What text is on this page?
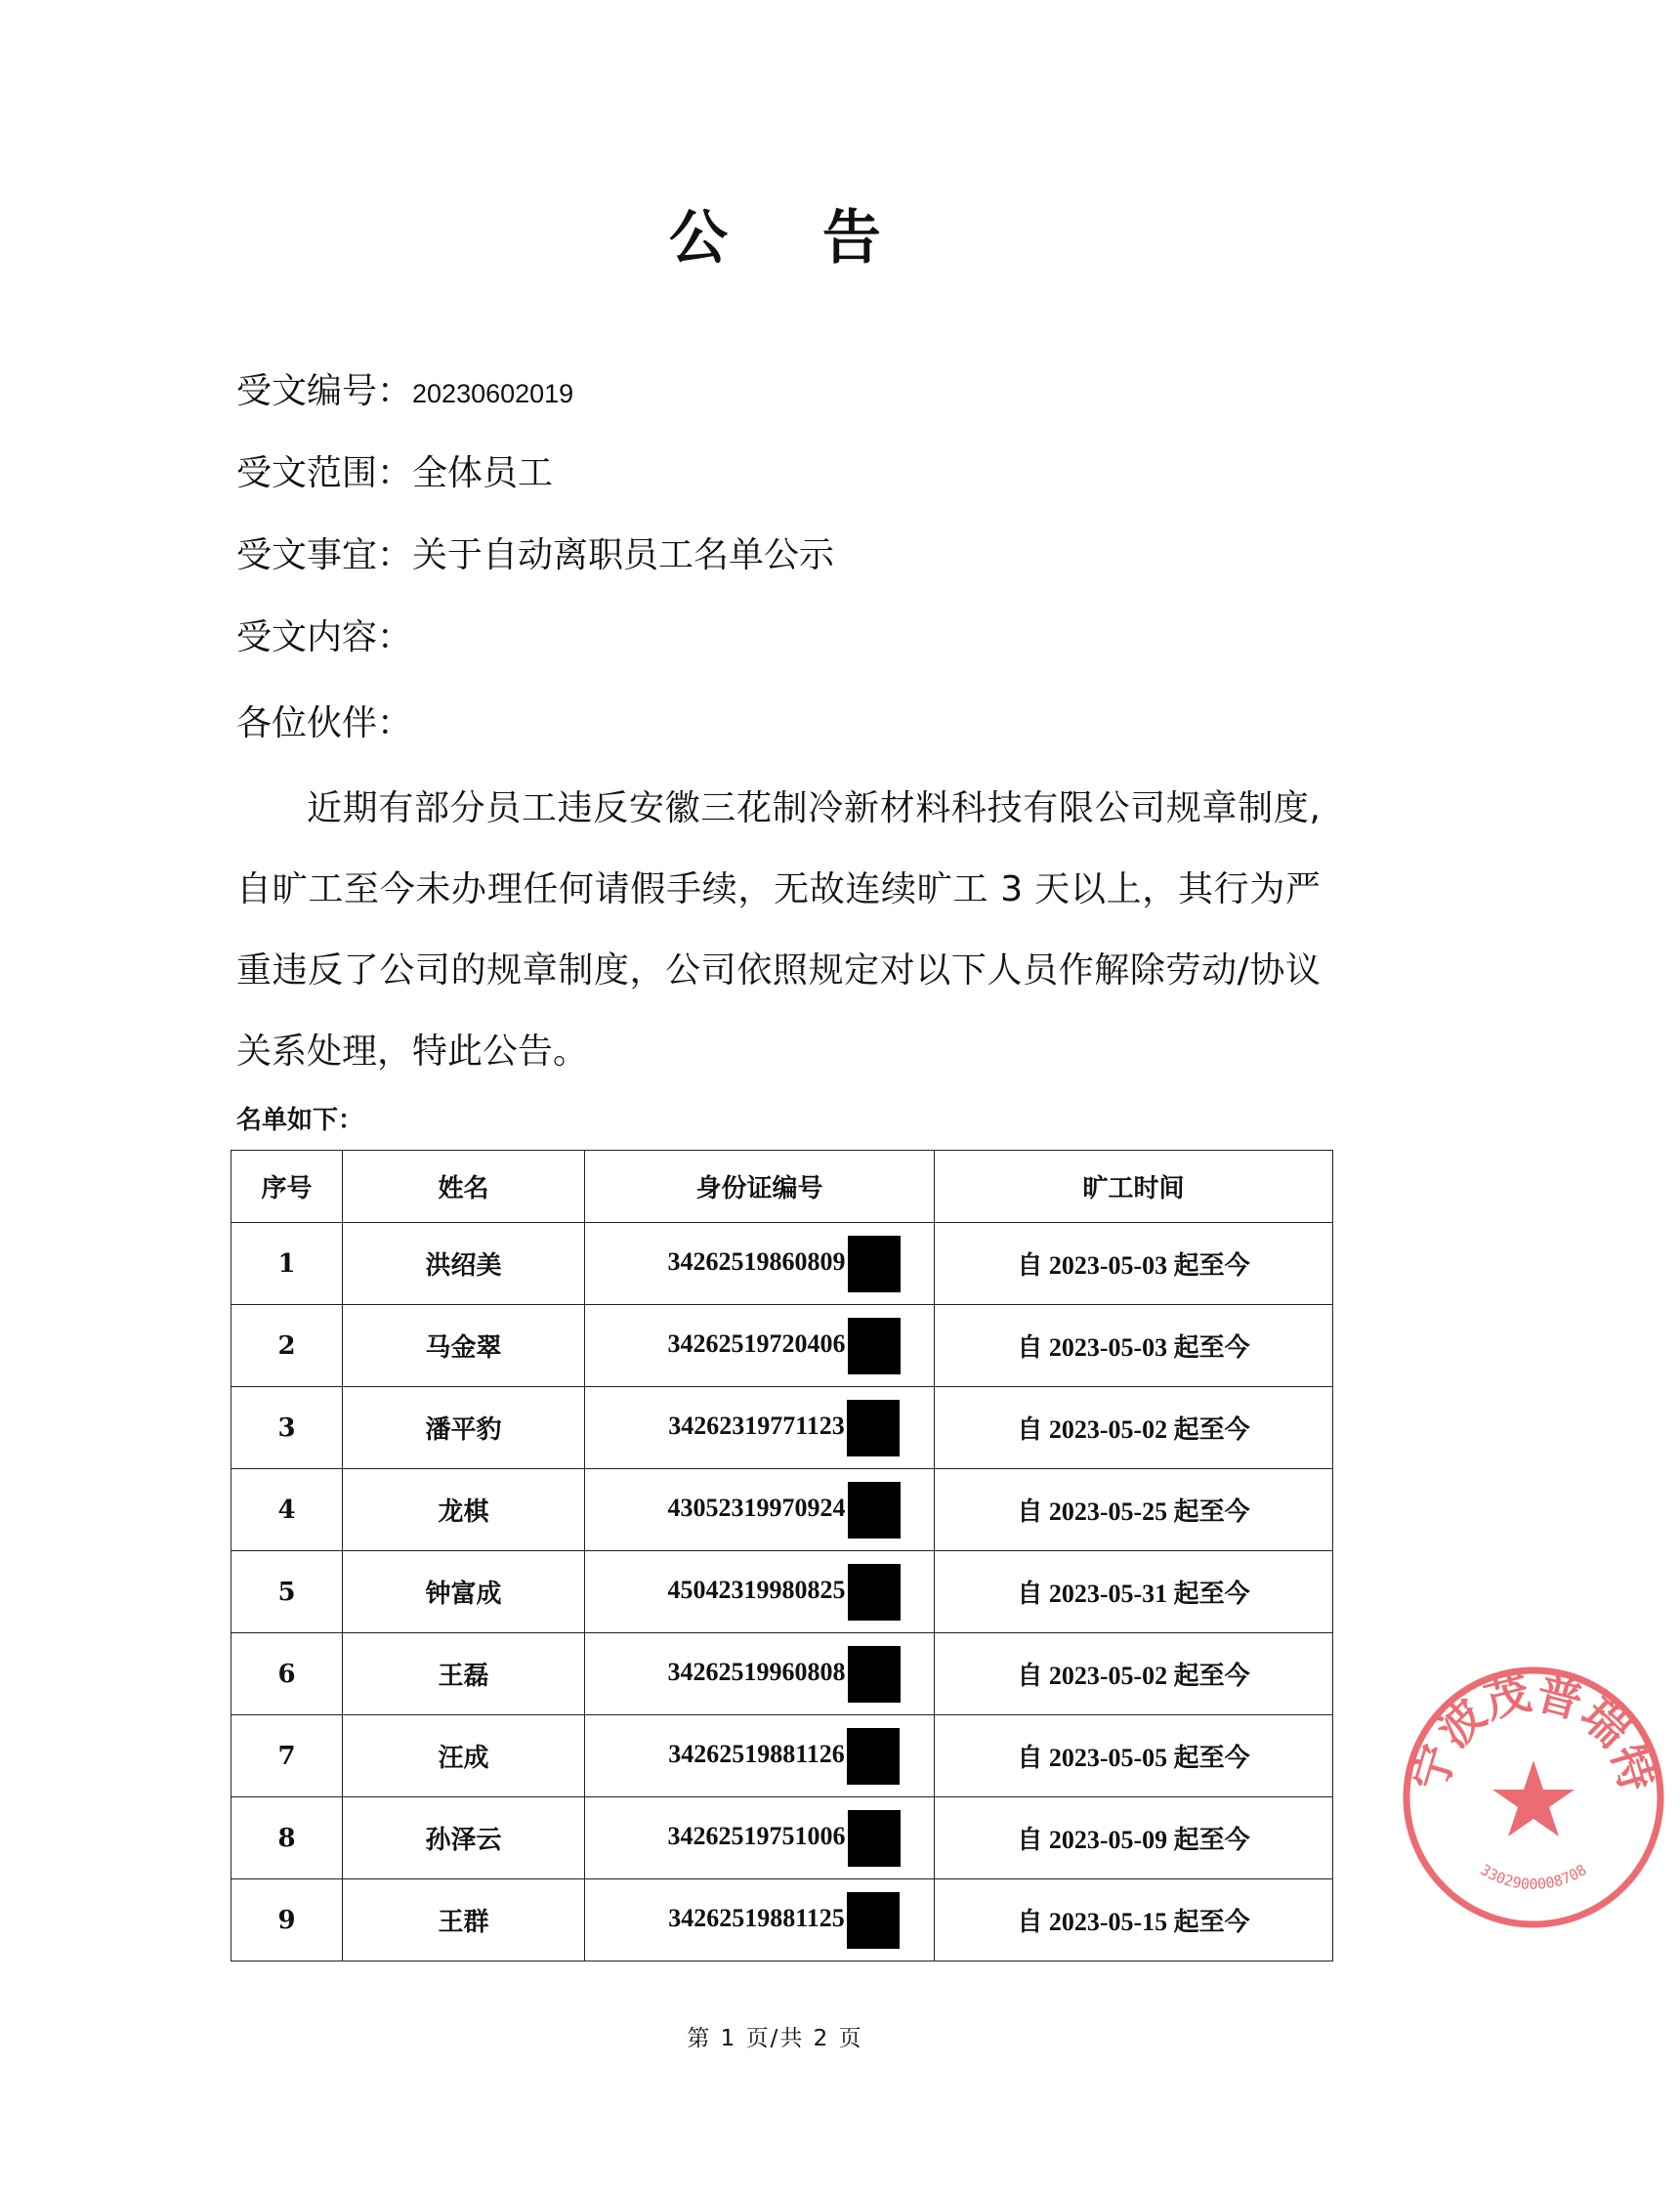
公 告
受文编号：20230602019
受文范围：全体员工
受文事宜：关于自动离职员工名单公示
受文内容：
各位伙伴：
近期有部分员工违反安徽三花制冷新材料科技有限公司规章制度,自旷工至今未办理任何请假手续，无故连续旷工 3 天以上，其行为严重违反了公司的规章制度，公司依照规定对以下人员作解除劳动/协议关系处理，特此公告。
名单如下：
序号	姓名	身份证编号	旷工时间
1	洪绍美	34262519860809	自 2023-05-03 起至今
2	马金翠	34262519720406	自 2023-05-03 起至今
3	潘平豹	34262319771123	自 2023-05-02 起至今
4	龙棋	43052319970924	自 2023-05-25 起至今
5	钟富成	45042319980825	自 2023-05-31 起至今
6	王磊	34262519960808	自 2023-05-02 起至今
7	汪成	34262519881126	自 2023-05-05 起至今
8	孙泽云	34262519751006	自 2023-05-09 起至今
9	王群	34262519881125	自 2023-05-15 起至今
第 1 页/共 2 页
宁波茂普瑞特
3302900008708
